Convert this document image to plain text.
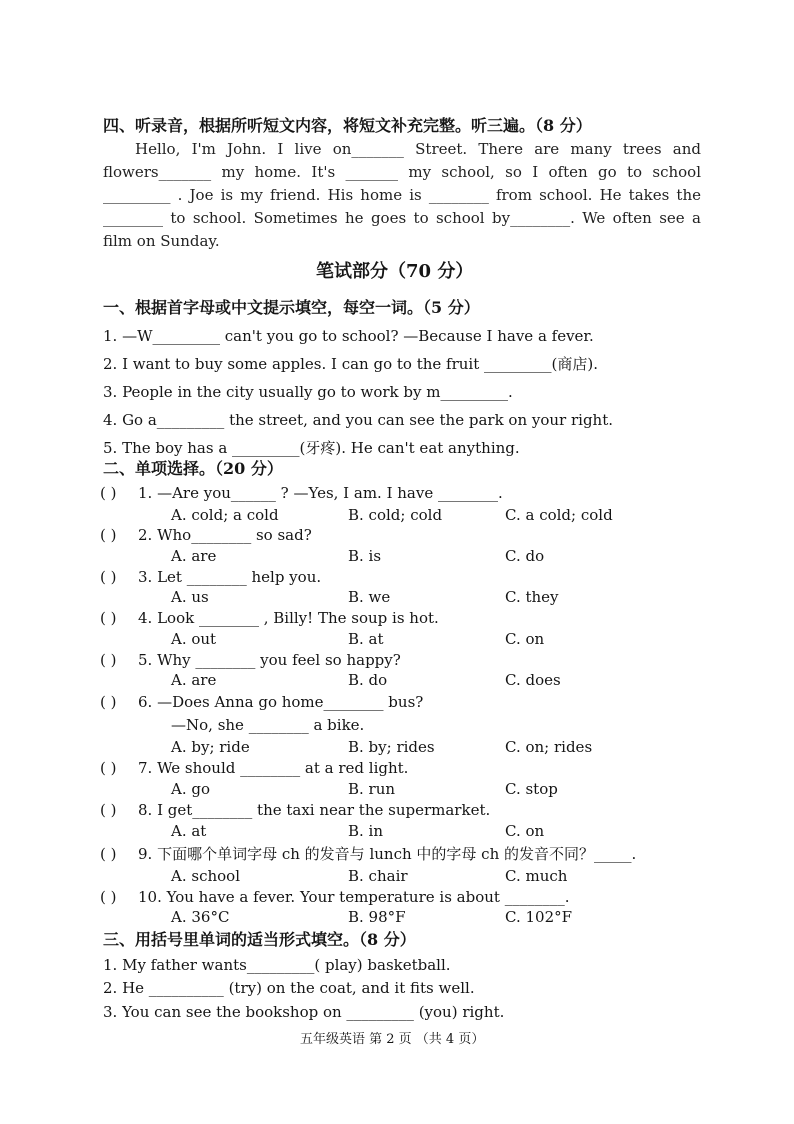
四、听录音，根据所听短文内容，将短文补充完整。听三遍。（8 分）
Hello, I'm John. I live on_______ Street. There are many trees and flowers_______ my home. It's _______ my school, so I often go to school _________ . Joe is my friend. His home is ________ from school. He takes the ________ to school. Sometimes he goes to school by________. We often see a film on Sunday.
笔试部分（70 分）
一、根据首字母或中文提示填空，每空一词。（5 分）
1. —W_________ can't you go to school? —Because I have a fever.
2. I want to buy some apples. I can go to the fruit _________(商店).
3. People in the city usually go to work by m_________.
4. Go a_________ the street, and you can see the park on your right.
5. The boy has a _________(牙疼). He can't eat anything.
二、单项选择。（20 分）
( ) 1. —Are you______ ? —Yes, I am. I have ________.
A. cold; a cold	B. cold; cold	C. a cold; cold
( ) 2. Who________ so sad?
A. are	B. is	C. do
( ) 3. Let ________ help you.
A. us	B. we	C. they
( ) 4. Look ________ , Billy! The soup is hot.
A. out	B. at	C. on
( ) 5. Why ________ you feel so happy?
A. are	B. do	C. does
( ) 6. —Does Anna go home________ bus?
—No, she ________ a bike.
A. by; ride	B. by; rides	C. on; rides
( ) 7. We should ________ at a red light.
A. go	B. run	C. stop
( ) 8. I get________ the taxi near the supermarket.
A. at	B. in	C. on
( ) 9. 下面哪个单词字母 ch 的发音与 lunch 中的字母 ch 的发音不同？_____.
A. school	B. chair	C. much
( ) 10. You have a fever. Your temperature is about ________.
A. 36°C	B. 98°F	C. 102°F
三、用括号里单词的适当形式填空。（8 分）
1. My father wants_________( play) basketball.
2. He __________ (try) on the coat, and it fits well.
3. You can see the bookshop on _________ (you) right.
五年级英语 第 2 页 （共 4 页）
